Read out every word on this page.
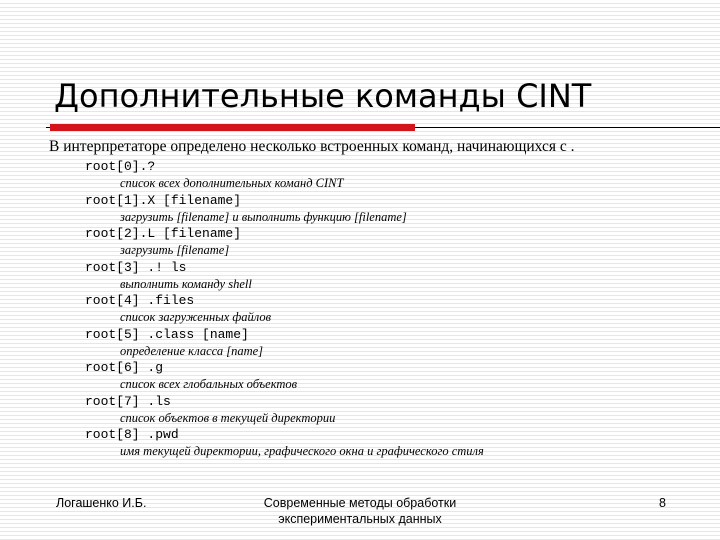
Дополнительные команды CINT
В интерпретаторе определено несколько встроенных команд, начинающихся с .
root[0].?
список всех дополнительных команд CINT
root[1].X [filename]
загрузить [filename] и выполнить функцию [filename]
root[2].L [filename]
загрузить [filename]
root[3] .! ls
выполнить команду shell
root[4] .files
список загруженных файлов
root[5] .class [name]
определение класса [name]
root[6] .g
список всех глобальных объектов
root[7] .ls
список объектов в текущей директории
root[8] .pwd
имя текущей директории, графического окна и графического стиля
Логашенко И.Б.	Современные методы обработки
экспериментальных данных
8
